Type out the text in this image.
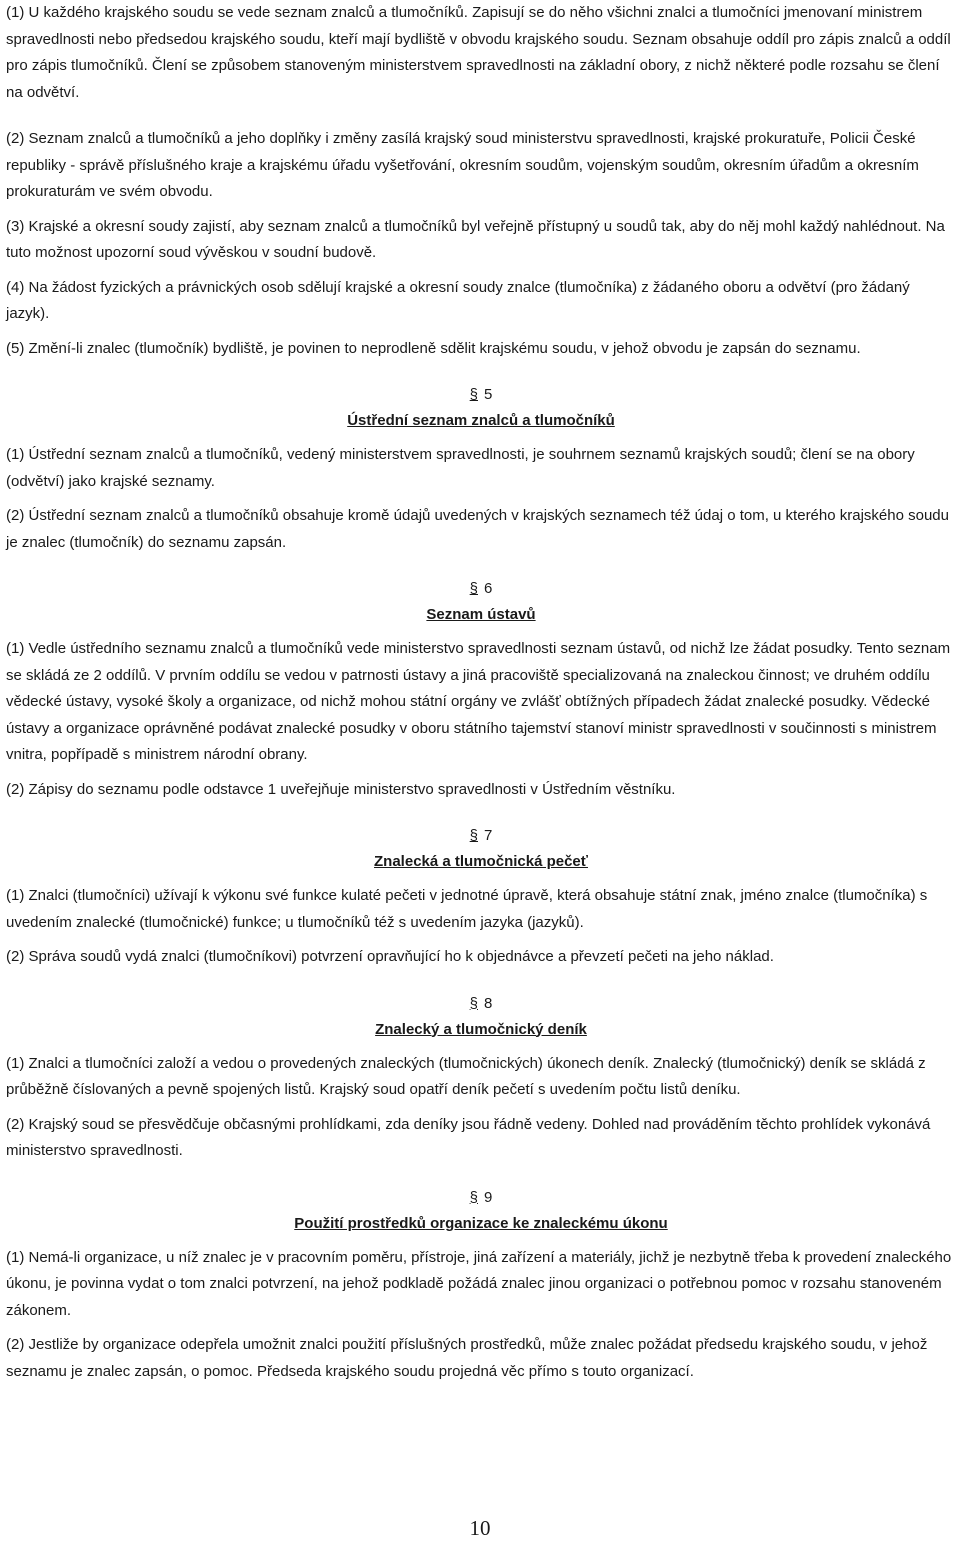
(1) U každého krajského soudu se vede seznam znalců a tlumočníků. Zapisují se do něho všichni znalci a tlumočníci jmenovaní ministrem spravedlnosti nebo předsedou krajského soudu, kteří mají bydliště v obvodu krajského soudu. Seznam obsahuje oddíl pro zápis znalců a oddíl pro zápis tlumočníků. Člení se způsobem stanoveným ministerstvem spravedlnosti na základní obory, z nichž některé podle rozsahu se člení na odvětví.

(2) Seznam znalců a tlumočníků a jeho doplňky i změny zasílá krajský soud ministerstvu spravedlnosti, krajské prokuratuře, Policii České republiky - správě příslušného kraje a krajskému úřadu vyšetřování, okresním soudům, vojenským soudům, okresním úřadům a okresním prokuraturám ve svém obvodu.

(3) Krajské a okresní soudy zajistí, aby seznam znalců a tlumočníků byl veřejně přístupný u soudů tak, aby do něj mohl každý nahlédnout. Na tuto možnost upozorní soud vývěskou v soudní budově.

(4) Na žádost fyzických a právnických osob sdělují krajské a okresní soudy znalce (tlumočníka) z žádaného oboru a odvětví (pro žádaný jazyk).

(5) Změní-li znalec (tlumočník) bydliště, je povinen to neprodleně sdělit krajskému soudu, v jehož obvodu je zapsán do seznamu.

§ 5
Ústřední seznam znalců a tlumočníků

(1) Ústřední seznam znalců a tlumočníků, vedený ministerstvem spravedlnosti, je souhrnem seznamů krajských soudů; člení se na obory (odvětví) jako krajské seznamy.

(2) Ústřední seznam znalců a tlumočníků obsahuje kromě údajů uvedených v krajských seznamech též údaj o tom, u kterého krajského soudu je znalec (tlumočník) do seznamu zapsán.

§ 6
Seznam ústavů

(1) Vedle ústředního seznamu znalců a tlumočníků vede ministerstvo spravedlnosti seznam ústavů, od nichž lze žádat posudky. Tento seznam se skládá ze 2 oddílů. V prvním oddílu se vedou v patrnosti ústavy a jiná pracoviště specializovaná na znaleckou činnost; ve druhém oddílu vědecké ústavy, vysoké školy a organizace, od nichž mohou státní orgány ve zvlášť obtížných případech žádat znalecké posudky. Vědecké ústavy a organizace oprávněné podávat znalecké posudky v oboru státního tajemství stanoví ministr spravedlnosti v součinnosti s ministrem vnitra, popřípadě s ministrem národní obrany.

(2) Zápisy do seznamu podle odstavce 1 uveřejňuje ministerstvo spravedlnosti v Ústředním věstníku.

§ 7
Znalecká a tlumočnická pečeť

(1) Znalci (tlumočníci) užívají k výkonu své funkce kulaté pečeti v jednotné úpravě, která obsahuje státní znak, jméno znalce (tlumočníka) s uvedením znalecké (tlumočnické) funkce; u tlumočníků též s uvedením jazyka (jazyků).

(2) Správa soudů vydá znalci (tlumočníkovi) potvrzení opravňující ho k objednávce a převzetí pečeti na jeho náklad.

§ 8
Znalecký a tlumočnický deník

(1) Znalci a tlumočníci založí a vedou o provedených znaleckých (tlumočnických) úkonech deník. Znalecký (tlumočnický) deník se skládá z průběžně číslovaných a pevně spojených listů. Krajský soud opatří deník pečetí s uvedením počtu listů deníku.

(2) Krajský soud se přesvědčuje občasnými prohlídkami, zda deníky jsou řádně vedeny. Dohled nad prováděním těchto prohlídek vykonává ministerstvo spravedlnosti.

§ 9
Použití prostředků organizace ke znaleckému úkonu

(1) Nemá-li organizace, u níž znalec je v pracovním poměru, přístroje, jiná zařízení a materiály, jichž je nezbytně třeba k provedení znaleckého úkonu, je povinna vydat o tom znalci potvrzení, na jehož podkladě požádá znalec jinou organizaci o potřebnou pomoc v rozsahu stanoveném zákonem.

(2) Jestliže by organizace odepřela umožnit znalci použití příslušných prostředků, může znalec požádat předsedu krajského soudu, v jehož seznamu je znalec zapsán, o pomoc. Předseda krajského soudu projedná věc přímo s touto organizací.

10
